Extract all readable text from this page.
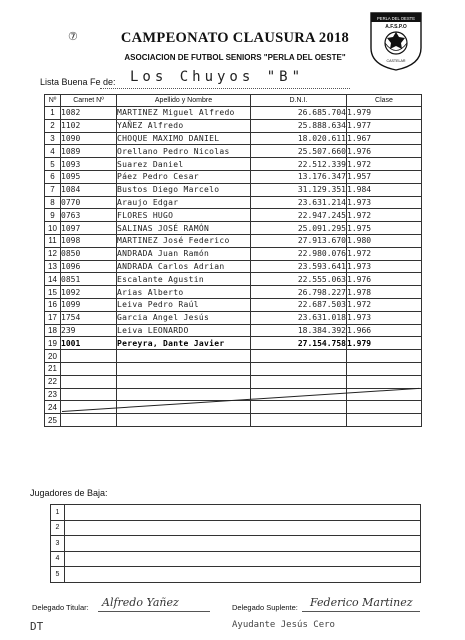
⑦	CAMPEONATO CLAUSURA 2018
ASOCIACION DE FUTBOL SENIORS "PERLA DEL OESTE"
PERLA DEL OESTE
A.F.S.P.O
CASTELAR
Lista Buena Fe de: Los Chuyos "B"
Nº	Carnet Nº	Apellido y Nombre	D.N.I.	Clase
1	1082	MARTINEZ Miguel Alfredo	26.685.704	1.979
2	1102	YAÑEZ Alfredo	25.888.634	1.977
3	1090	CHOQUE MAXIMO DANIEL	18.020.611	1.967
4	1089	Orellano Pedro Nicolas	25.507.660	1.976
5	1093	Suarez Daniel	22.512.339	1.972
6	1095	Páez Pedro Cesar	13.176.347	1.957
7	1084	Bustos Diego Marcelo	31.129.351	1.984
8	0770	Araujo Edgar	23.631.214	1.973
9	0763	FLORES HUGO	22.947.245	1.972
10	1097	SALINAS JOSÉ RAMÓN	25.091.295	1.975
11	1098	MARTINEZ José Federico	27.913.670	1.980
12	0850	ANDRADA Juan Ramón	22.980.076	1.972
13	1096	ANDRADA Carlos Adrian	23.593.641	1.973
14	0851	Escalante Agustin	22.555.063	1.976
15	1092	Arias Alberto	26.798.227	1.978
16	1099	Leiva Pedro Raúl	22.687.503	1.972
17	1754	Garcia Angel Jesús	23.631.018	1.973
18	239	Leiva LEONARDO	18.384.392	1.966
19	1001	Pereyra, Dante Javier	27.154.758	1.979
20				
21				
22				
23				
24				
25				
Jugadores de Baja:
1	
2	
3	
4	
5	
Delegado Titular: Alfredo Yañez	Delegado Suplente: Federico Martinez
DT	Ayudante Jesús Cero
